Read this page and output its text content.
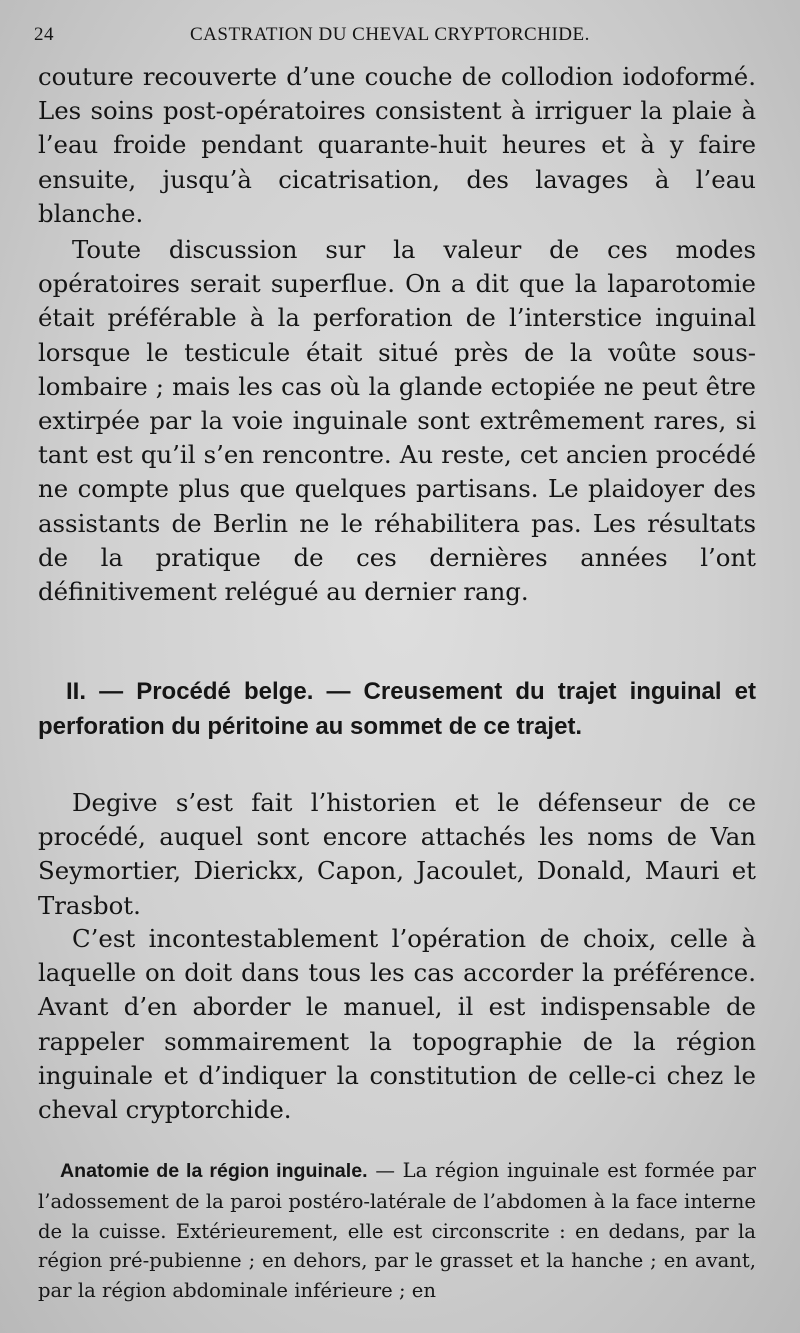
24	CASTRATION DU CHEVAL CRYPTORCHIDE.

couture recouverte d’une couche de collodion iodoformé. Les soins post-opératoires consistent à irriguer la plaie à l’eau froide pendant quarante-huit heures et à y faire ensuite, jusqu’à cicatrisation, des lavages à l’eau blanche.

Toute discussion sur la valeur de ces modes opératoires serait superflue. On a dit que la laparotomie était préférable à la perforation de l’interstice inguinal lorsque le testicule était situé près de la voûte sous-lombaire ; mais les cas où la glande ectopiée ne peut être extirpée par la voie inguinale sont extrêmement rares, si tant est qu’il s’en rencontre. Au reste, cet ancien procédé ne compte plus que quelques partisans. Le plaidoyer des assistants de Berlin ne le réhabilitera pas. Les résultats de la pratique de ces dernières années l’ont définitivement relégué au dernier rang.

II. — Procédé belge. — Creusement du trajet inguinal et perforation du péritoine au sommet de ce trajet.

Degive s’est fait l’historien et le défenseur de ce procédé, auquel sont encore attachés les noms de Van Seymortier, Dierickx, Capon, Jacoulet, Donald, Mauri et Trasbot.

C’est incontestablement l’opération de choix, celle à laquelle on doit dans tous les cas accorder la préférence. Avant d’en aborder le manuel, il est indispensable de rappeler sommairement la topographie de la région inguinale et d’indiquer la constitution de celle-ci chez le cheval cryptorchide.

Anatomie de la région inguinale. — La région inguinale est formée par l’adossement de la paroi postéro-latérale de l’abdomen à la face interne de la cuisse. Extérieurement, elle est circonscrite : en dedans, par la région pré-pubienne ; en dehors, par le grasset et la hanche ; en avant, par la région abdominale inférieure ; en
